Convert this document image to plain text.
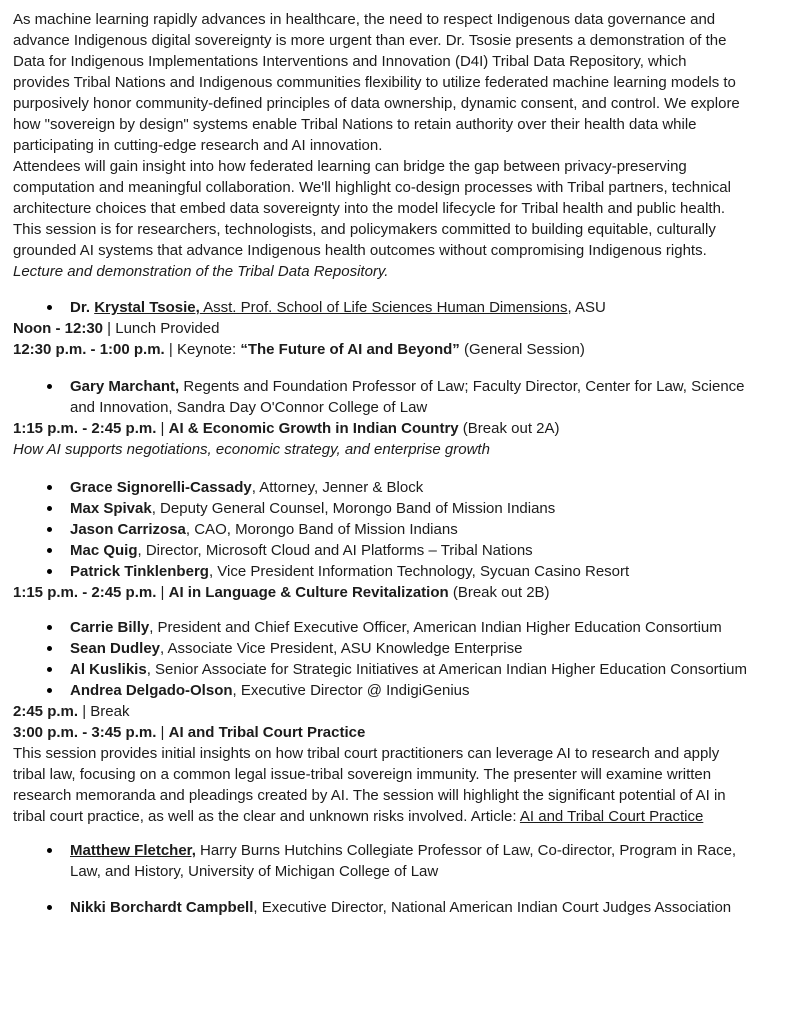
As machine learning rapidly advances in healthcare, the need to respect Indigenous data governance and
advance Indigenous digital sovereignty is more urgent than ever. Dr. Tsosie presents a demonstration of the
Data for Indigenous Implementations Interventions and Innovation (D4I) Tribal Data Repository, which
provides Tribal Nations and Indigenous communities flexibility to utilize federated machine learning models to
purposively honor community-defined principles of data ownership, dynamic consent, and control. We explore
how "sovereign by design" systems enable Tribal Nations to retain authority over their health data while
participating in cutting-edge research and AI innovation.
Attendees will gain insight into how federated learning can bridge the gap between privacy-preserving
computation and meaningful collaboration. We'll highlight co-design processes with Tribal partners, technical
architecture choices that embed data sovereignty into the model lifecycle for Tribal health and public health.
This session is for researchers, technologists, and policymakers committed to building equitable, culturally
grounded AI systems that advance Indigenous health outcomes without compromising Indigenous rights.
Lecture and demonstration of the Tribal Data Repository.
Dr. Krystal Tsosie, Asst. Prof. School of Life Sciences Human Dimensions, ASU

Noon - 12:30 | Lunch Provided

12:30 p.m. - 1:00 p.m. | Keynote: “The Future of AI and Beyond” (General Session)

Gary Marchant, Regents and Foundation Professor of Law; Faculty Director, Center for Law, Science
and Innovation, Sandra Day O'Connor College of Law

1:15 p.m. - 2:45 p.m. | AI & Economic Growth in Indian Country (Break out 2A)

How AI supports negotiations, economic strategy, and enterprise growth
Grace Signorelli-Cassady, Attorney, Jenner & Block
Max Spivak, Deputy General Counsel, Morongo Band of Mission Indians
Jason Carrizosa, CAO, Morongo Band of Mission Indians
Mac Quig, Director, Microsoft Cloud and AI Platforms – Tribal Nations
Patrick Tinklenberg, Vice President Information Technology, Sycuan Casino Resort

1:15 p.m. - 2:45 p.m. | AI in Language & Culture Revitalization (Break out 2B)

Carrie Billy, President and Chief Executive Officer, American Indian Higher Education Consortium
Sean Dudley, Associate Vice President, ASU Knowledge Enterprise
Al Kuslikis, Senior Associate for Strategic Initiatives at American Indian Higher Education Consortium
Andrea Delgado-Olson, Executive Director @ IndigiGenius

2:45 p.m. | Break

3:00 p.m. - 3:45 p.m. | AI and Tribal Court Practice

This session provides initial insights on how tribal court practitioners can leverage AI to research and apply
tribal law, focusing on a common legal issue-tribal sovereign immunity. The presenter will examine written
research memoranda and pleadings created by AI. The session will highlight the significant potential of AI in
tribal court practice, as well as the clear and unknown risks involved. Article: AI and Tribal Court Practice
Matthew Fletcher, Harry Burns Hutchins Collegiate Professor of Law, Co-director, Program in Race,
Law, and History, University of Michigan College of Law
Nikki Borchardt Campbell, Executive Director, National American Indian Court Judges Association
